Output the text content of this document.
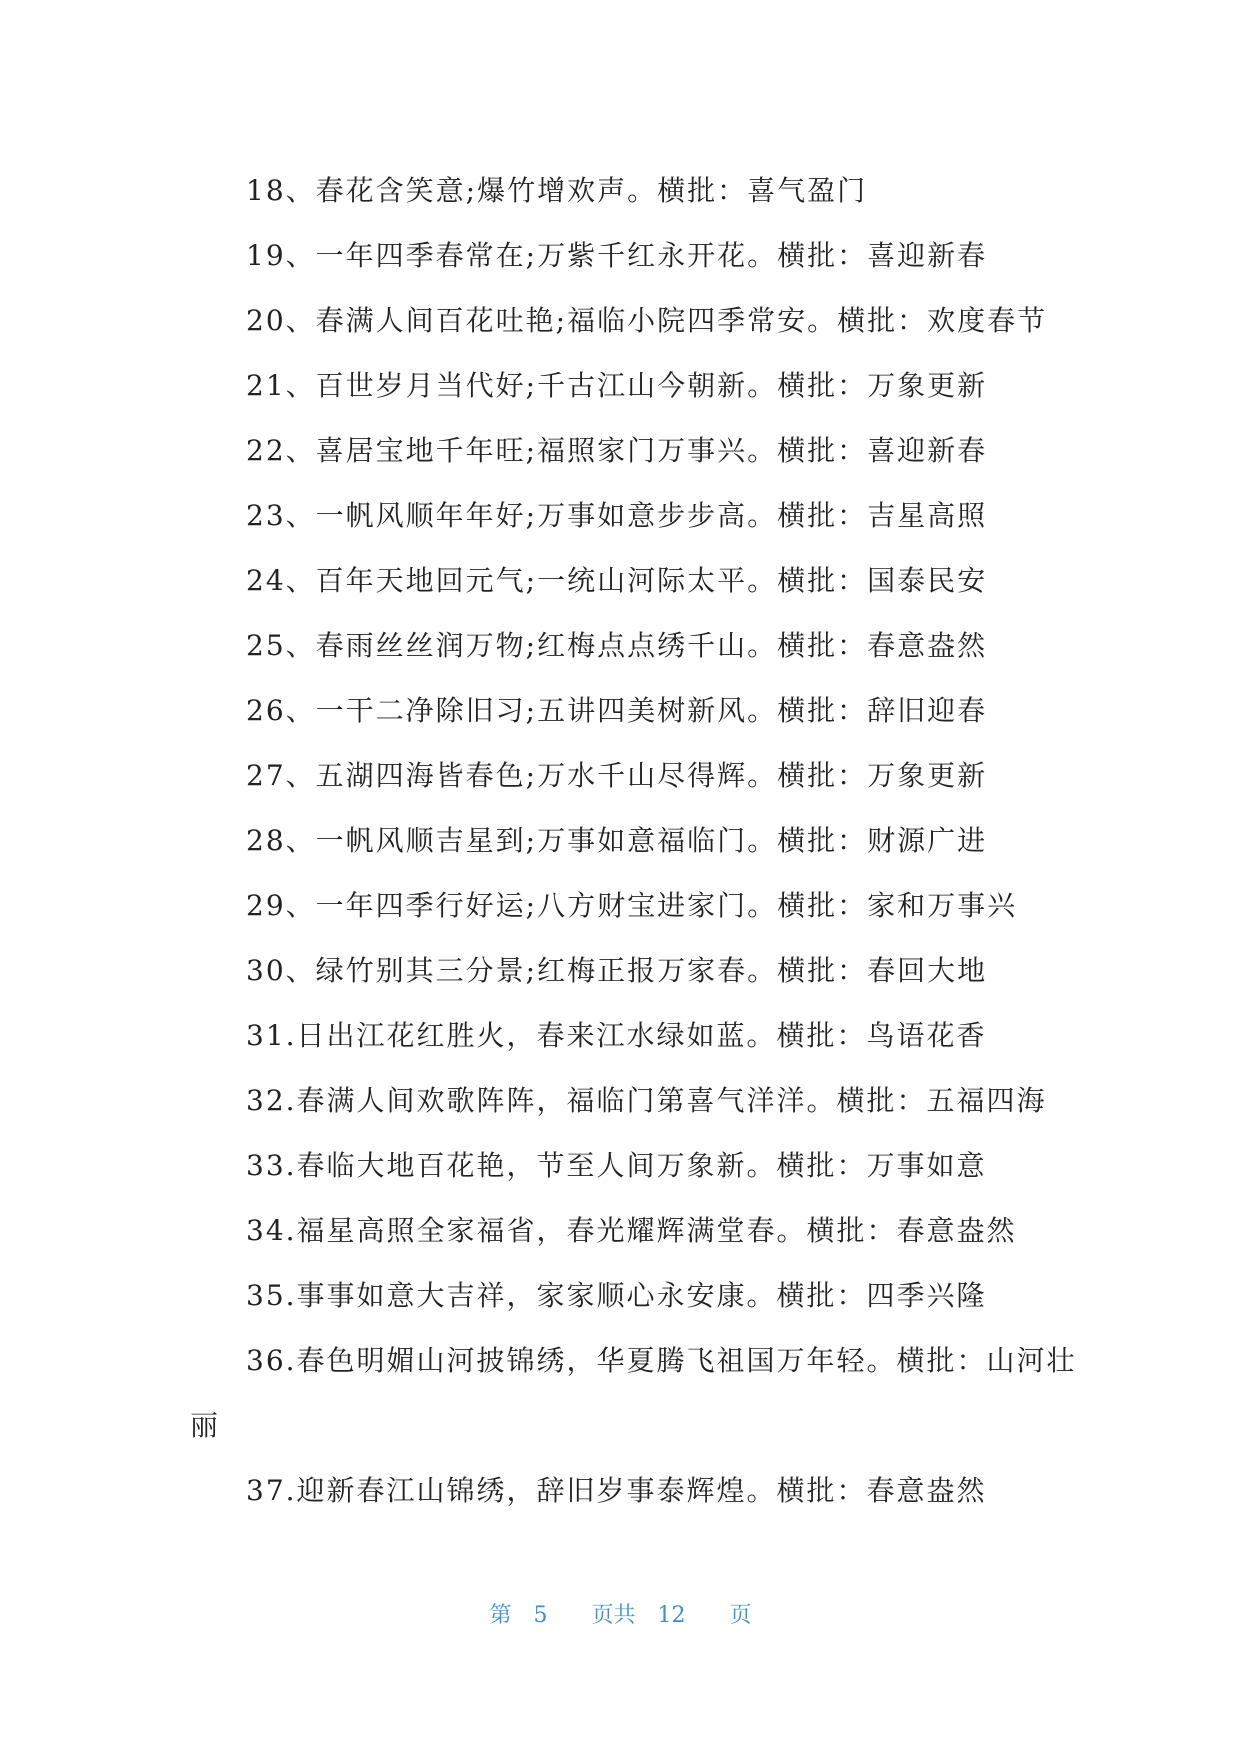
18、春花含笑意;爆竹增欢声。横批：喜气盈门
19、一年四季春常在;万紫千红永开花。横批：喜迎新春
20、春满人间百花吐艳;福临小院四季常安。横批：欢度春节
21、百世岁月当代好;千古江山今朝新。横批：万象更新
22、喜居宝地千年旺;福照家门万事兴。横批：喜迎新春
23、一帆风顺年年好;万事如意步步高。横批：吉星高照
24、百年天地回元气;一统山河际太平。横批：国泰民安
25、春雨丝丝润万物;红梅点点绣千山。横批：春意盎然
26、一干二净除旧习;五讲四美树新风。横批：辞旧迎春
27、五湖四海皆春色;万水千山尽得辉。横批：万象更新
28、一帆风顺吉星到;万事如意福临门。横批：财源广进
29、一年四季行好运;八方财宝进家门。横批：家和万事兴
30、绿竹别其三分景;红梅正报万家春。横批：春回大地
31.日出江花红胜火，春来江水绿如蓝。横批：鸟语花香
32.春满人间欢歌阵阵，福临门第喜气洋洋。横批：五福四海
33.春临大地百花艳，节至人间万象新。横批：万事如意
34.福星高照全家福省，春光耀辉满堂春。横批：春意盎然
35.事事如意大吉祥，家家顺心永安康。横批：四季兴隆
36.春色明媚山河披锦绣，华夏腾飞祖国万年轻。横批：山河壮
丽
37.迎新春江山锦绣，辞旧岁事泰辉煌。横批：春意盎然
第 5 页共 12 页
